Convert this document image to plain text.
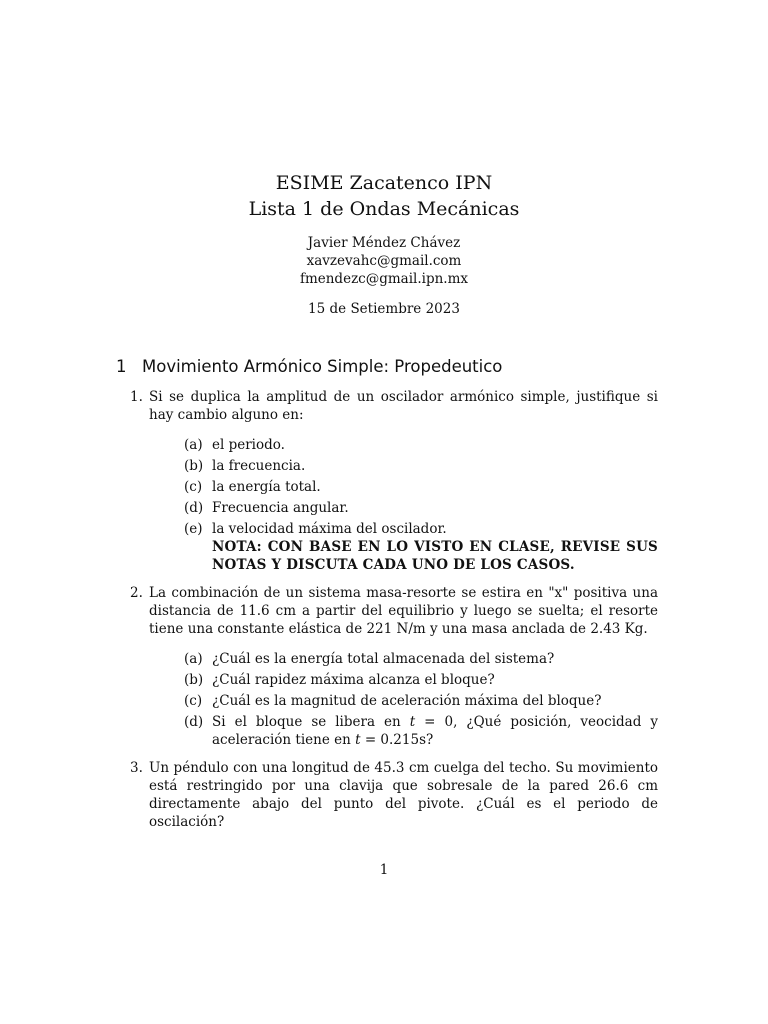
ESIME Zacatenco IPN
Lista 1 de Ondas Mecánicas
Javier Méndez Chávez
xavzevahc@gmail.com
fmendezc@gmail.ipn.mx
15 de Setiembre 2023
1 Movimiento Armónico Simple: Propedeutico
1. Si se duplica la amplitud de un oscilador armónico simple, justifique si hay cambio alguno en:
(a) el periodo.
(b) la frecuencia.
(c) la energía total.
(d) Frecuencia angular.
(e) la velocidad máxima del oscilador.
NOTA: CON BASE EN LO VISTO EN CLASE, REVISE SUS NOTAS Y DISCUTA CADA UNO DE LOS CASOS.
2. La combinación de un sistema masa-resorte se estira en "x" positiva una distancia de 11.6 cm a partir del equilibrio y luego se suelta; el resorte tiene una constante elástica de 221 N/m y una masa anclada de 2.43 Kg.
(a) ¿Cuál es la energía total almacenada del sistema?
(b) ¿Cuál rapidez máxima alcanza el bloque?
(c) ¿Cuál es la magnitud de aceleración máxima del bloque?
(d) Si el bloque se libera en t = 0, ¿Qué posición, veocidad y aceleración tiene en t = 0.215s?
3. Un péndulo con una longitud de 45.3 cm cuelga del techo. Su movimiento está restringido por una clavija que sobresale de la pared 26.6 cm directamente abajo del punto del pivote. ¿Cuál es el periodo de oscilación?
1
